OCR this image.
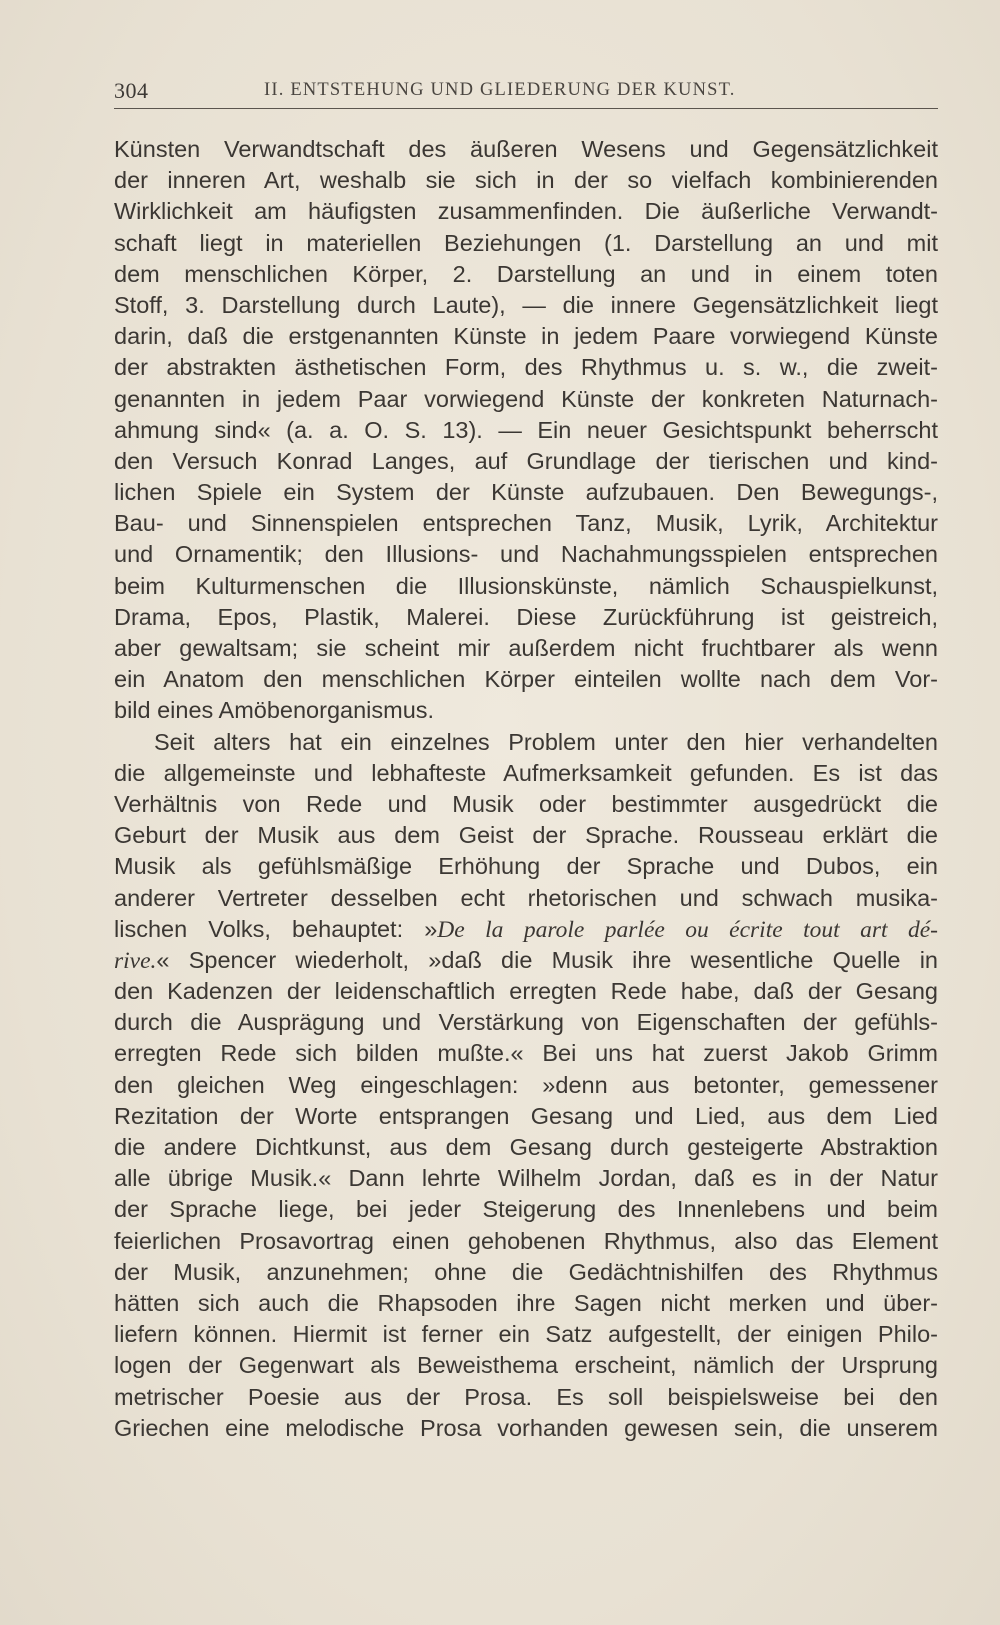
304	II. ENTSTEHUNG UND GLIEDERUNG DER KUNST.
Künsten Verwandtschaft des äußeren Wesens und Gegensätzlichkeit
der inneren Art, weshalb sie sich in der so vielfach kombinierenden
Wirklichkeit am häufigsten zusammenfinden. Die äußerliche Verwandt-
schaft liegt in materiellen Beziehungen (1. Darstellung an und mit
dem menschlichen Körper, 2. Darstellung an und in einem toten
Stoff, 3. Darstellung durch Laute), — die innere Gegensätzlichkeit liegt
darin, daß die erstgenannten Künste in jedem Paare vorwiegend Künste
der abstrakten ästhetischen Form, des Rhythmus u. s. w., die zweit-
genannten in jedem Paar vorwiegend Künste der konkreten Naturnach-
ahmung sind« (a. a. O. S. 13). — Ein neuer Gesichtspunkt beherrscht
den Versuch Konrad Langes, auf Grundlage der tierischen und kind-
lichen Spiele ein System der Künste aufzubauen. Den Bewegungs-,
Bau- und Sinnenspielen entsprechen Tanz, Musik, Lyrik, Architektur
und Ornamentik; den Illusions- und Nachahmungsspielen entsprechen
beim Kulturmenschen die Illusionskünste, nämlich Schauspielkunst,
Drama, Epos, Plastik, Malerei. Diese Zurückführung ist geistreich,
aber gewaltsam; sie scheint mir außerdem nicht fruchtbarer als wenn
ein Anatom den menschlichen Körper einteilen wollte nach dem Vor-
bild eines Amöbenorganismus.
Seit alters hat ein einzelnes Problem unter den hier verhandelten
die allgemeinste und lebhafteste Aufmerksamkeit gefunden. Es ist das
Verhältnis von Rede und Musik oder bestimmter ausgedrückt die
Geburt der Musik aus dem Geist der Sprache. Rousseau erklärt die
Musik als gefühlsmäßige Erhöhung der Sprache und Dubos, ein
anderer Vertreter desselben echt rhetorischen und schwach musika-
lischen Volks, behauptet: »De la parole parlée ou écrite tout art dé-
rive.« Spencer wiederholt, »daß die Musik ihre wesentliche Quelle in
den Kadenzen der leidenschaftlich erregten Rede habe, daß der Gesang
durch die Ausprägung und Verstärkung von Eigenschaften der gefühls-
erregten Rede sich bilden mußte.« Bei uns hat zuerst Jakob Grimm
den gleichen Weg eingeschlagen: »denn aus betonter, gemessener
Rezitation der Worte entsprangen Gesang und Lied, aus dem Lied
die andere Dichtkunst, aus dem Gesang durch gesteigerte Abstraktion
alle übrige Musik.« Dann lehrte Wilhelm Jordan, daß es in der Natur
der Sprache liege, bei jeder Steigerung des Innenlebens und beim
feierlichen Prosavortrag einen gehobenen Rhythmus, also das Element
der Musik, anzunehmen; ohne die Gedächtnishilfen des Rhythmus
hätten sich auch die Rhapsoden ihre Sagen nicht merken und über-
liefern können. Hiermit ist ferner ein Satz aufgestellt, der einigen Philo-
logen der Gegenwart als Beweisthema erscheint, nämlich der Ursprung
metrischer Poesie aus der Prosa. Es soll beispielsweise bei den
Griechen eine melodische Prosa vorhanden gewesen sein, die unserem
